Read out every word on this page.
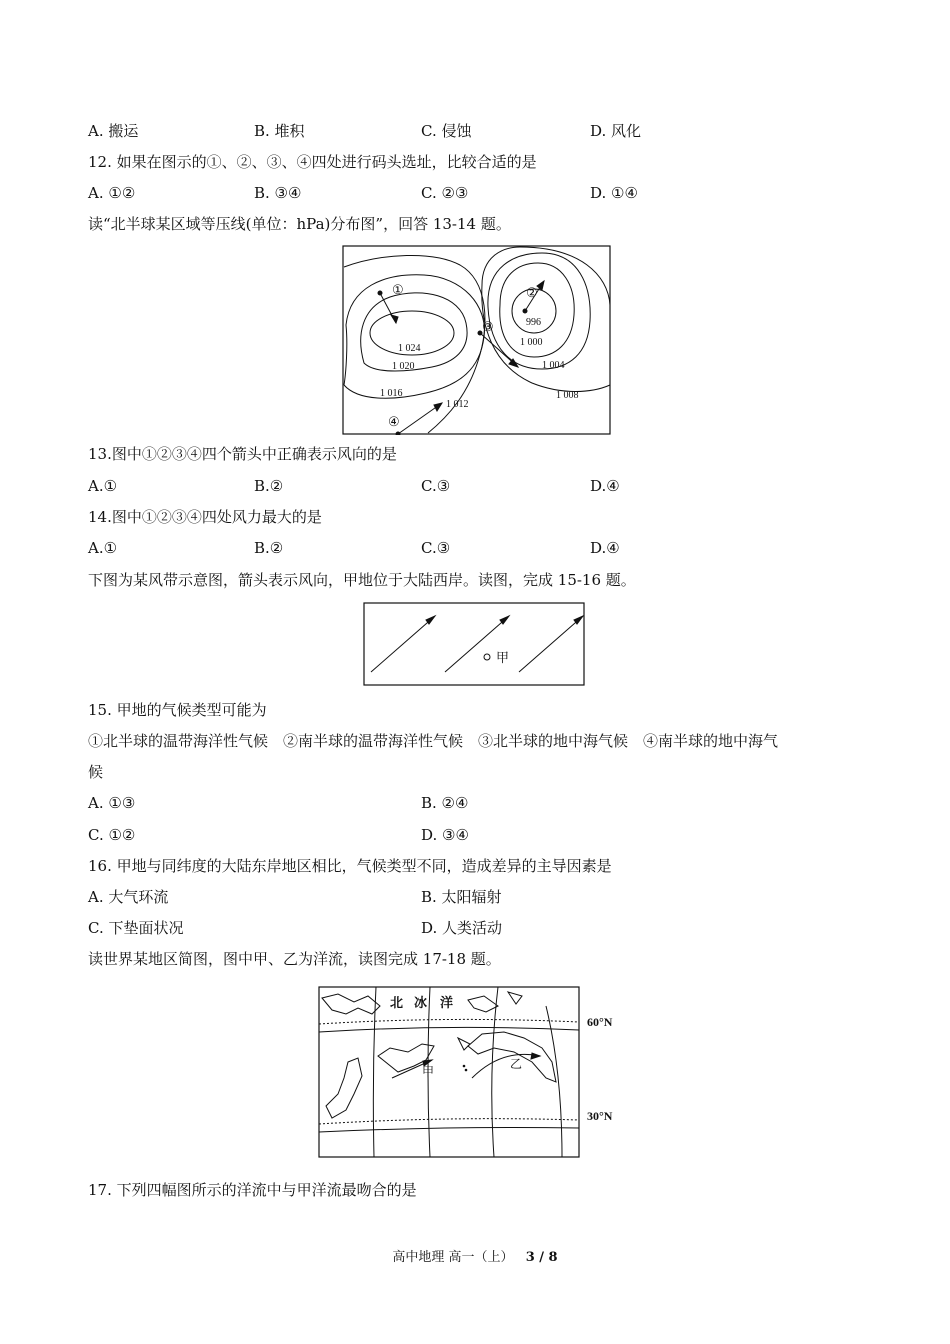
A. 搬运	B. 堆积	C. 侵蚀	D. 风化
12. 如果在图示的①、②、③、④四处进行码头选址，比较合适的是
A. ①②	B. ③④	C. ②③	D. ①④
读“北半球某区域等压线(单位：hPa)分布图”，回答 13-14 题。
1 024
1 020
1 016
1 012
996
1 000
1 004
1 008
①	②
③
④
13.图中①②③④四个箭头中正确表示风向的是
A.①	B.②	C.③	D.④
14.图中①②③④四处风力最大的是
A.①	B.②	C.③	D.④
下图为某风带示意图，箭头表示风向，甲地位于大陆西岸。读图，完成 15-16 题。
甲
15. 甲地的气候类型可能为
①北半球的温带海洋性气候　②南半球的温带海洋性气候　③北半球的地中海气候　④南半球的地中海气
候
A. ①③	B. ②④
C. ①②	D. ③④
16. 甲地与同纬度的大陆东岸地区相比，气候类型不同，造成差异的主导因素是
A. 大气环流	B. 太阳辐射
C. 下垫面状况	D. 人类活动
读世界某地区简图，图中甲、乙为洋流，读图完成 17-18 题。
北 冰 洋
60°N
30°N
甲
乙
17. 下列四幅图所示的洋流中与甲洋流最吻合的是
高中地理 高一（上） 3 / 8
